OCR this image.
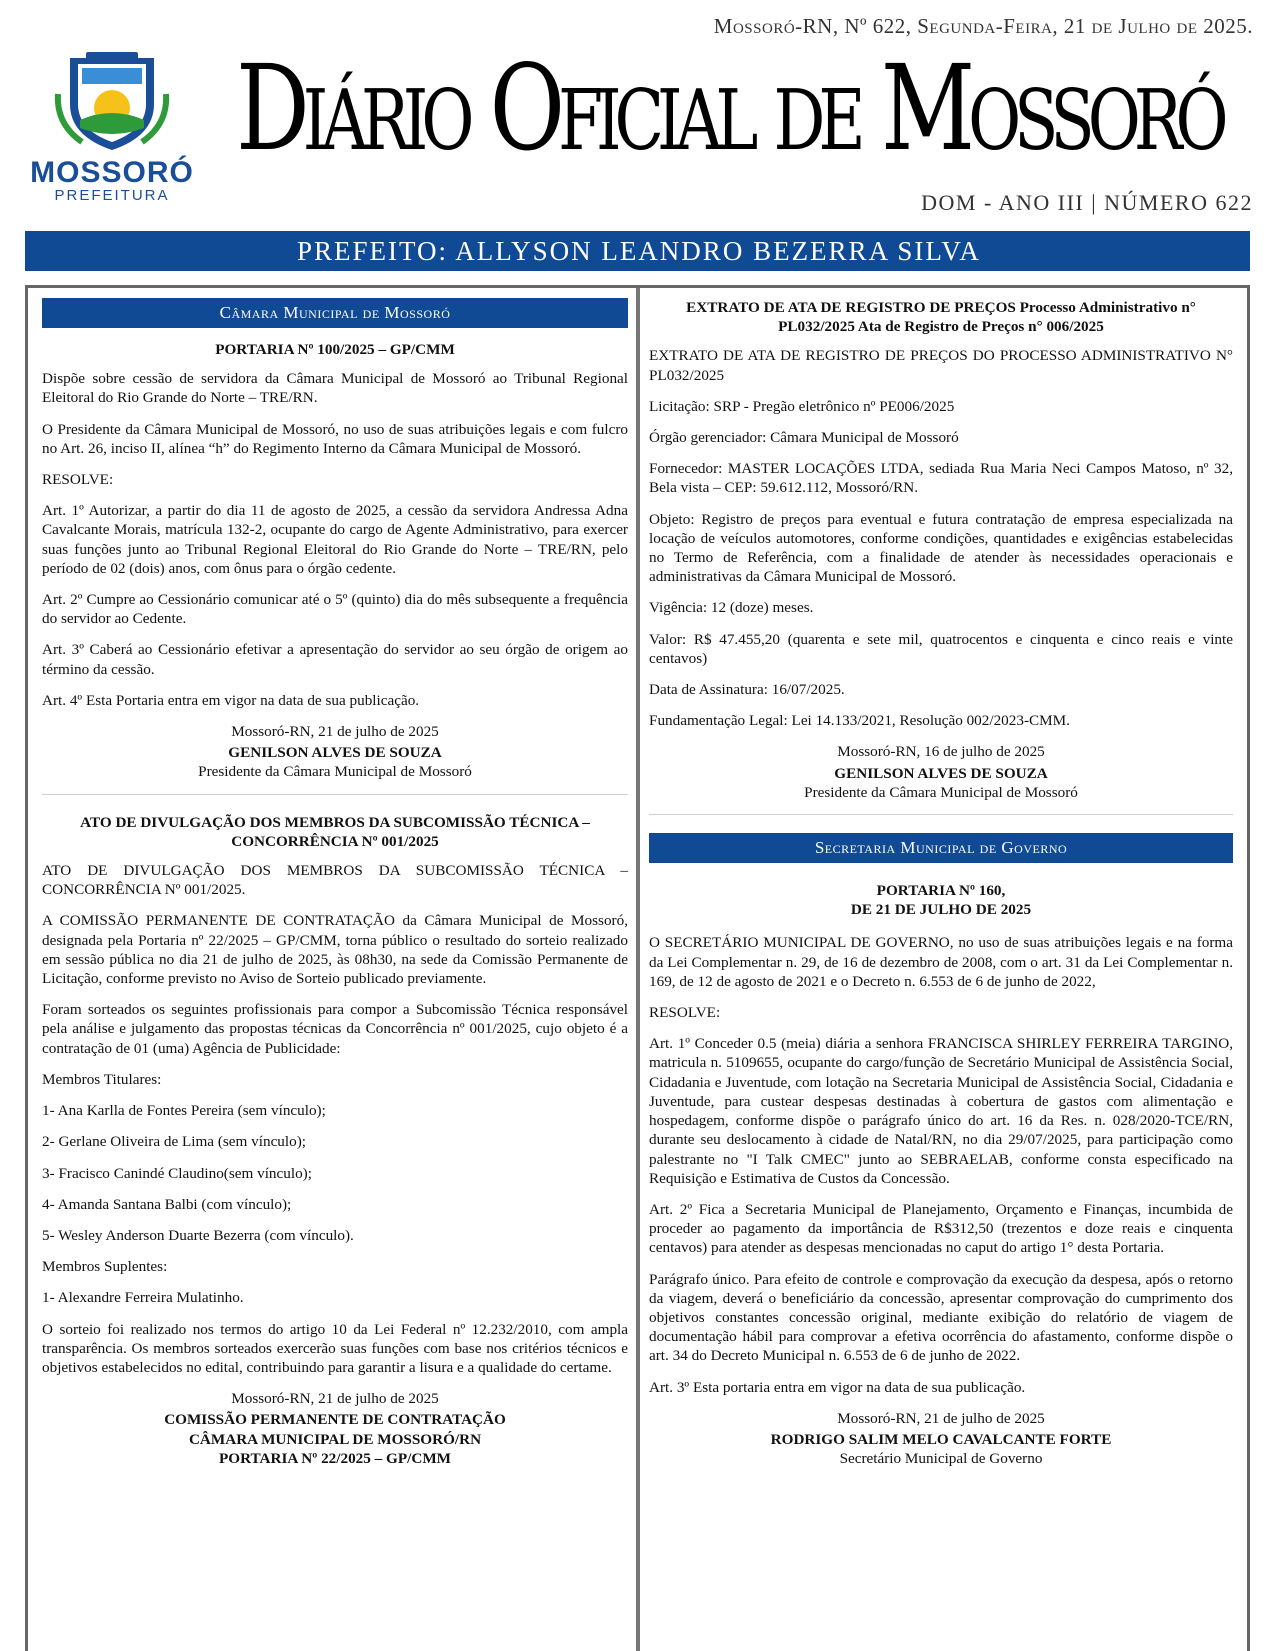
MOSSORÓ
PREFEITURA
Mossoró-RN, Nº 622, Segunda-Feira, 21 de Julho de 2025.
Diário Oficial de Mossoró
DOM - ANO III | NÚMERO 622
PREFEITO: ALLYSON LEANDRO BEZERRA SILVA
Câmara Municipal de Mossoró
PORTARIA Nº 100/2025 – GP/CMM

Dispõe sobre cessão de servidora da Câmara Municipal de Mossoró ao Tribunal Regional Eleitoral do Rio Grande do Norte – TRE/RN.

O Presidente da Câmara Municipal de Mossoró, no uso de suas atribuições legais e com fulcro no Art. 26, inciso II, alínea “h” do Regimento Interno da Câmara Municipal de Mossoró.

RESOLVE:

Art. 1º Autorizar, a partir do dia 11 de agosto de 2025, a cessão da servidora Andressa Adna Cavalcante Morais, matrícula 132-2, ocupante do cargo de Agente Administrativo, para exercer suas funções junto ao Tribunal Regional Eleitoral do Rio Grande do Norte – TRE/RN, pelo período de 02 (dois) anos, com ônus para o órgão cedente.

Art. 2º Cumpre ao Cessionário comunicar até o 5º (quinto) dia do mês subsequente a frequência do servidor ao Cedente.

Art. 3º Caberá ao Cessionário efetivar a apresentação do servidor ao seu órgão de origem ao término da cessão.

Art. 4º Esta Portaria entra em vigor na data de sua publicação.

Mossoró-RN, 21 de julho de 2025
GENILSON ALVES DE SOUZA
Presidente da Câmara Municipal de Mossoró
ATO DE DIVULGAÇÃO DOS MEMBROS DA SUBCOMISSÃO TÉCNICA –
CONCORRÊNCIA Nº 001/2025

ATO DE DIVULGAÇÃO DOS MEMBROS DA SUBCOMISSÃO TÉCNICA – CONCORRÊNCIA Nº 001/2025.

A COMISSÃO PERMANENTE DE CONTRATAÇÃO da Câmara Municipal de Mossoró, designada pela Portaria nº 22/2025 – GP/CMM, torna público o resultado do sorteio realizado em sessão pública no dia 21 de julho de 2025, às 08h30, na sede da Comissão Permanente de Licitação, conforme previsto no Aviso de Sorteio publicado previamente.

Foram sorteados os seguintes profissionais para compor a Subcomissão Técnica responsável pela análise e julgamento das propostas técnicas da Concorrência nº 001/2025, cujo objeto é a contratação de 01 (uma) Agência de Publicidade:

Membros Titulares:

1- Ana Karlla de Fontes Pereira (sem vínculo);

2- Gerlane Oliveira de Lima (sem vínculo);

3- Fracisco Canindé Claudino(sem vínculo);

4- Amanda Santana Balbi (com vínculo);

5- Wesley Anderson Duarte Bezerra (com vínculo).

Membros Suplentes:

1- Alexandre Ferreira Mulatinho.

O sorteio foi realizado nos termos do artigo 10 da Lei Federal nº 12.232/2010, com ampla transparência. Os membros sorteados exercerão suas funções com base nos critérios técnicos e objetivos estabelecidos no edital, contribuindo para garantir a lisura e a qualidade do certame.

Mossoró-RN, 21 de julho de 2025
COMISSÃO PERMANENTE DE CONTRATAÇÃO
CÂMARA MUNICIPAL DE MOSSORÓ/RN
PORTARIA Nº 22/2025 – GP/CMM
EXTRATO DE ATA DE REGISTRO DE PREÇOS Processo Administrativo n°
PL032/2025 Ata de Registro de Preços n° 006/2025

EXTRATO DE ATA DE REGISTRO DE PREÇOS DO PROCESSO ADMINISTRATIVO N° PL032/2025

Licitação: SRP - Pregão eletrônico nº PE006/2025

Órgão gerenciador: Câmara Municipal de Mossoró

Fornecedor: MASTER LOCAÇÕES LTDA, sediada Rua Maria Neci Campos Matoso, nº 32, Bela vista – CEP: 59.612.112, Mossoró/RN.

Objeto: Registro de preços para eventual e futura contratação de empresa especializada na locação de veículos automotores, conforme condições, quantidades e exigências estabelecidas no Termo de Referência, com a finalidade de atender às necessidades operacionais e administrativas da Câmara Municipal de Mossoró.

Vigência: 12 (doze) meses.

Valor: R$ 47.455,20 (quarenta e sete mil, quatrocentos e cinquenta e cinco reais e vinte centavos)

Data de Assinatura: 16/07/2025.

Fundamentação Legal: Lei 14.133/2021, Resolução 002/2023-CMM.

Mossoró-RN, 16 de julho de 2025
GENILSON ALVES DE SOUZA
Presidente da Câmara Municipal de Mossoró
Secretaria Municipal de Governo
PORTARIA Nº 160,
DE 21 DE JULHO DE 2025

O SECRETÁRIO MUNICIPAL DE GOVERNO, no uso de suas atribuições legais e na forma da Lei Complementar n. 29, de 16 de dezembro de 2008, com o art. 31 da Lei Complementar n. 169, de 12 de agosto de 2021 e o Decreto n. 6.553 de 6 de junho de 2022,

RESOLVE:

Art. 1º Conceder 0.5 (meia) diária a senhora FRANCISCA SHIRLEY FERREIRA TARGINO, matricula n. 5109655, ocupante do cargo/função de Secretário Municipal de Assistência Social, Cidadania e Juventude, com lotação na Secretaria Municipal de Assistência Social, Cidadania e Juventude, para custear despesas destinadas à cobertura de gastos com alimentação e hospedagem, conforme dispõe o parágrafo único do art. 16 da Res. n. 028/2020-TCE/RN, durante seu deslocamento à cidade de Natal/RN, no dia 29/07/2025, para participação como palestrante no "I Talk CMEC" junto ao SEBRAELAB, conforme consta especificado na Requisição e Estimativa de Custos da Concessão.

Art. 2º Fica a Secretaria Municipal de Planejamento, Orçamento e Finanças, incumbida de proceder ao pagamento da importância de R$312,50 (trezentos e doze reais e cinquenta centavos) para atender as despesas mencionadas no caput do artigo 1° desta Portaria.

Parágrafo único. Para efeito de controle e comprovação da execução da despesa, após o retorno da viagem, deverá o beneficiário da concessão, apresentar comprovação do cumprimento dos objetivos constantes concessão original, mediante exibição do relatório de viagem de documentação hábil para comprovar a efetiva ocorrência do afastamento, conforme dispõe o art. 34 do Decreto Municipal n. 6.553 de 6 de junho de 2022.

Art. 3º Esta portaria entra em vigor na data de sua publicação.

Mossoró-RN, 21 de julho de 2025
RODRIGO SALIM MELO CAVALCANTE FORTE
Secretário Municipal de Governo
